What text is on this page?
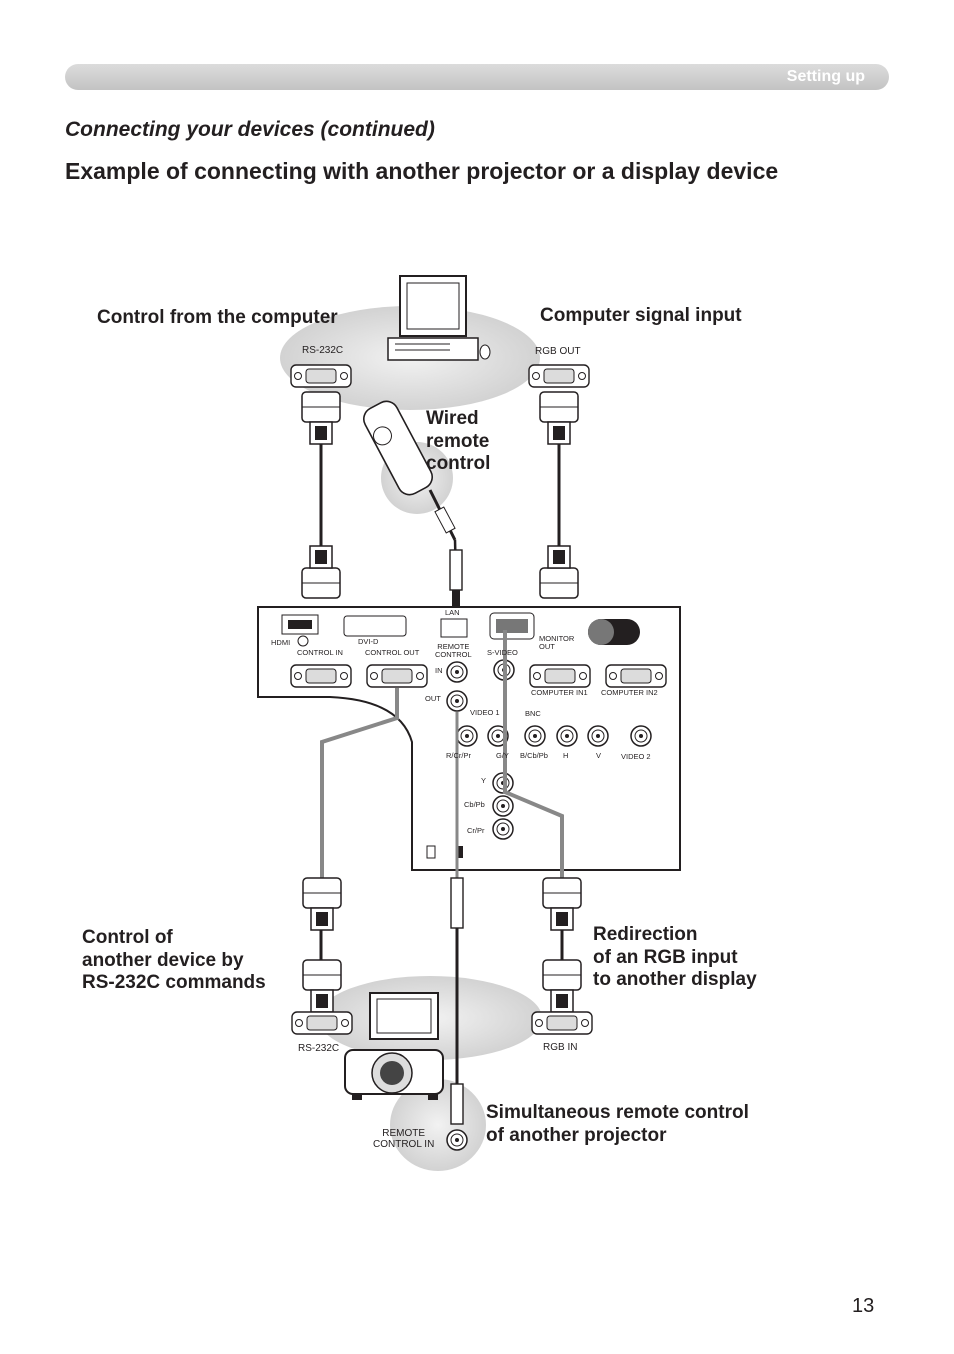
Setting up
Connecting your devices (continued)
Example of connecting with another projector or a display device
Control from the computer	Computer signal input
Wired
remote
control
Control of
another device by
RS-232C commands
Redirection
of an RGB input
to another display
Simultaneous remote control
of another projector
RS-232C	RGB OUT
RS-232C	RGB IN
REMOTE
CONTROL IN
HDMI	DVI-D
LAN
REMOTE
CONTROL S-VIDEO
MONITOR
OUT
CONTROL IN	CONTROL OUT
IN
OUT
COMPUTER IN1 COMPUTER IN2
VIDEO 1	BNC
R/Cr/Pr	G/Y B/Cb/Pb H	V	VIDEO 2
Y
Cb/Pb
Cr/Pr
13
